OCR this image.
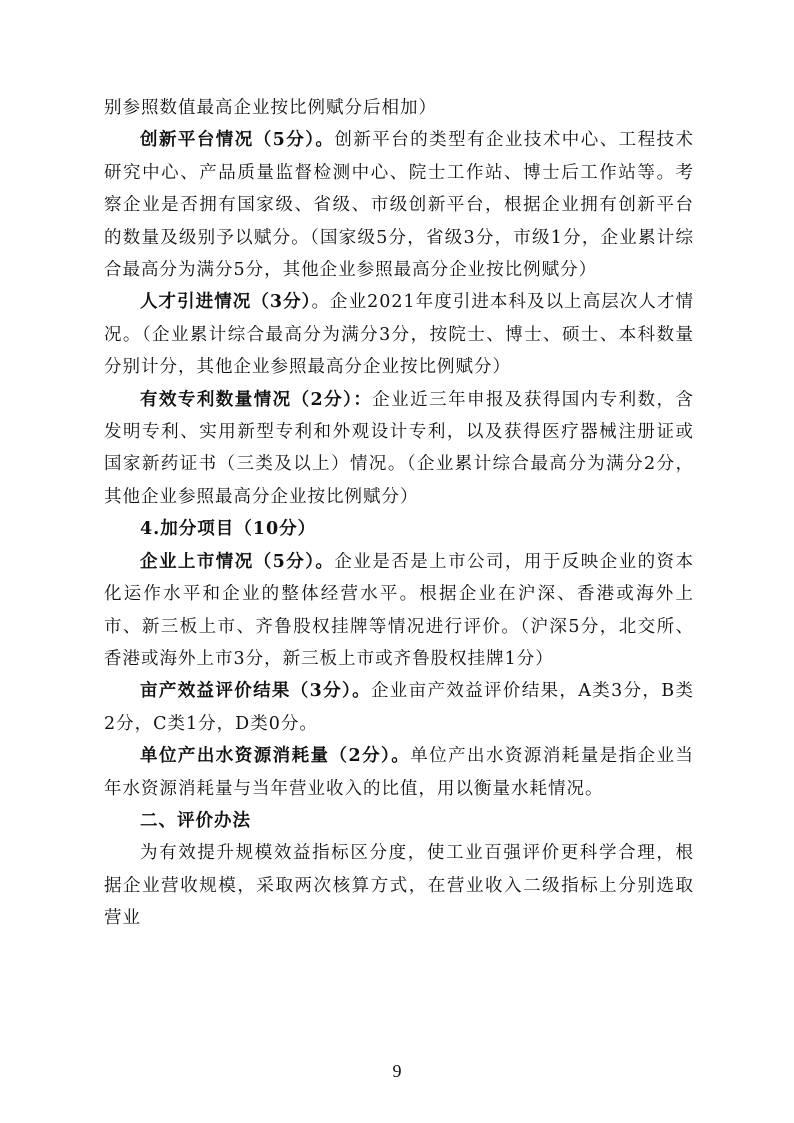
别参照数值最高企业按比例赋分后相加）

创新平台情况（5分）。创新平台的类型有企业技术中心、工程技术研究中心、产品质量监督检测中心、院士工作站、博士后工作站等。考察企业是否拥有国家级、省级、市级创新平台，根据企业拥有创新平台的数量及级别予以赋分。（国家级5分，省级3分，市级1分，企业累计综合最高分为满分5分，其他企业参照最高分企业按比例赋分）

人才引进情况（3分）。企业2021年度引进本科及以上高层次人才情况。（企业累计综合最高分为满分3分，按院士、博士、硕士、本科数量分别计分，其他企业参照最高分企业按比例赋分）

有效专利数量情况（2分）：企业近三年申报及获得国内专利数，含发明专利、实用新型专利和外观设计专利，以及获得医疗器械注册证或国家新药证书（三类及以上）情况。（企业累计综合最高分为满分2分，其他企业参照最高分企业按比例赋分）

4.加分项目（10分）

企业上市情况（5分）。企业是否是上市公司，用于反映企业的资本化运作水平和企业的整体经营水平。根据企业在沪深、香港或海外上市、新三板上市、齐鲁股权挂牌等情况进行评价。（沪深5分，北交所、香港或海外上市3分，新三板上市或齐鲁股权挂牌1分）

亩产效益评价结果（3分）。企业亩产效益评价结果，A类3分，B类2分，C类1分，D类0分。

单位产出水资源消耗量（2分）。单位产出水资源消耗量是指企业当年水资源消耗量与当年营业收入的比值，用以衡量水耗情况。

二、评价办法

为有效提升规模效益指标区分度，使工业百强评价更科学合理，根据企业营收规模，采取两次核算方式，在营业收入二级指标上分别选取营业

9
